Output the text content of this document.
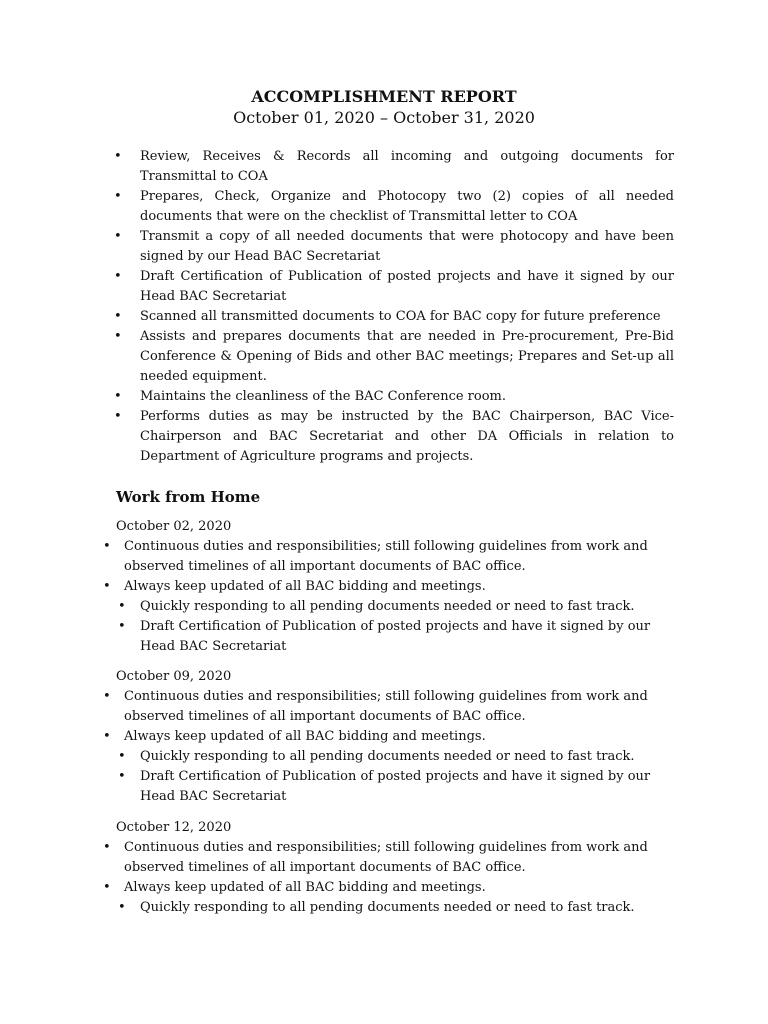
ACCOMPLISHMENT REPORT
October 01, 2020 – October 31, 2020
• Review, Receives & Records all incoming and outgoing documents for Transmittal to COA
• Prepares, Check, Organize and Photocopy two (2) copies of all needed documents that were on the checklist of Transmittal letter to COA
• Transmit a copy of all needed documents that were photocopy and have been signed by our Head BAC Secretariat
• Draft Certification of Publication of posted projects and have it signed by our Head BAC Secretariat
• Scanned all transmitted documents to COA for BAC copy for future preference
• Assists and prepares documents that are needed in Pre-procurement, Pre-Bid Conference & Opening of Bids and other BAC meetings; Prepares and Set-up all needed equipment.
• Maintains the cleanliness of the BAC Conference room.
• Performs duties as may be instructed by the BAC Chairperson, BAC Vice-Chairperson and BAC Secretariat and other DA Officials in relation to Department of Agriculture programs and projects.
Work from Home
October 02, 2020
• Continuous duties and responsibilities; still following guidelines from work and observed timelines of all important documents of BAC office.
• Always keep updated of all BAC bidding and meetings.
• Quickly responding to all pending documents needed or need to fast track.
• Draft Certification of Publication of posted projects and have it signed by our Head BAC Secretariat
October 09, 2020
• Continuous duties and responsibilities; still following guidelines from work and observed timelines of all important documents of BAC office.
• Always keep updated of all BAC bidding and meetings.
• Quickly responding to all pending documents needed or need to fast track.
• Draft Certification of Publication of posted projects and have it signed by our Head BAC Secretariat
October 12, 2020
• Continuous duties and responsibilities; still following guidelines from work and observed timelines of all important documents of BAC office.
• Always keep updated of all BAC bidding and meetings.
• Quickly responding to all pending documents needed or need to fast track.
